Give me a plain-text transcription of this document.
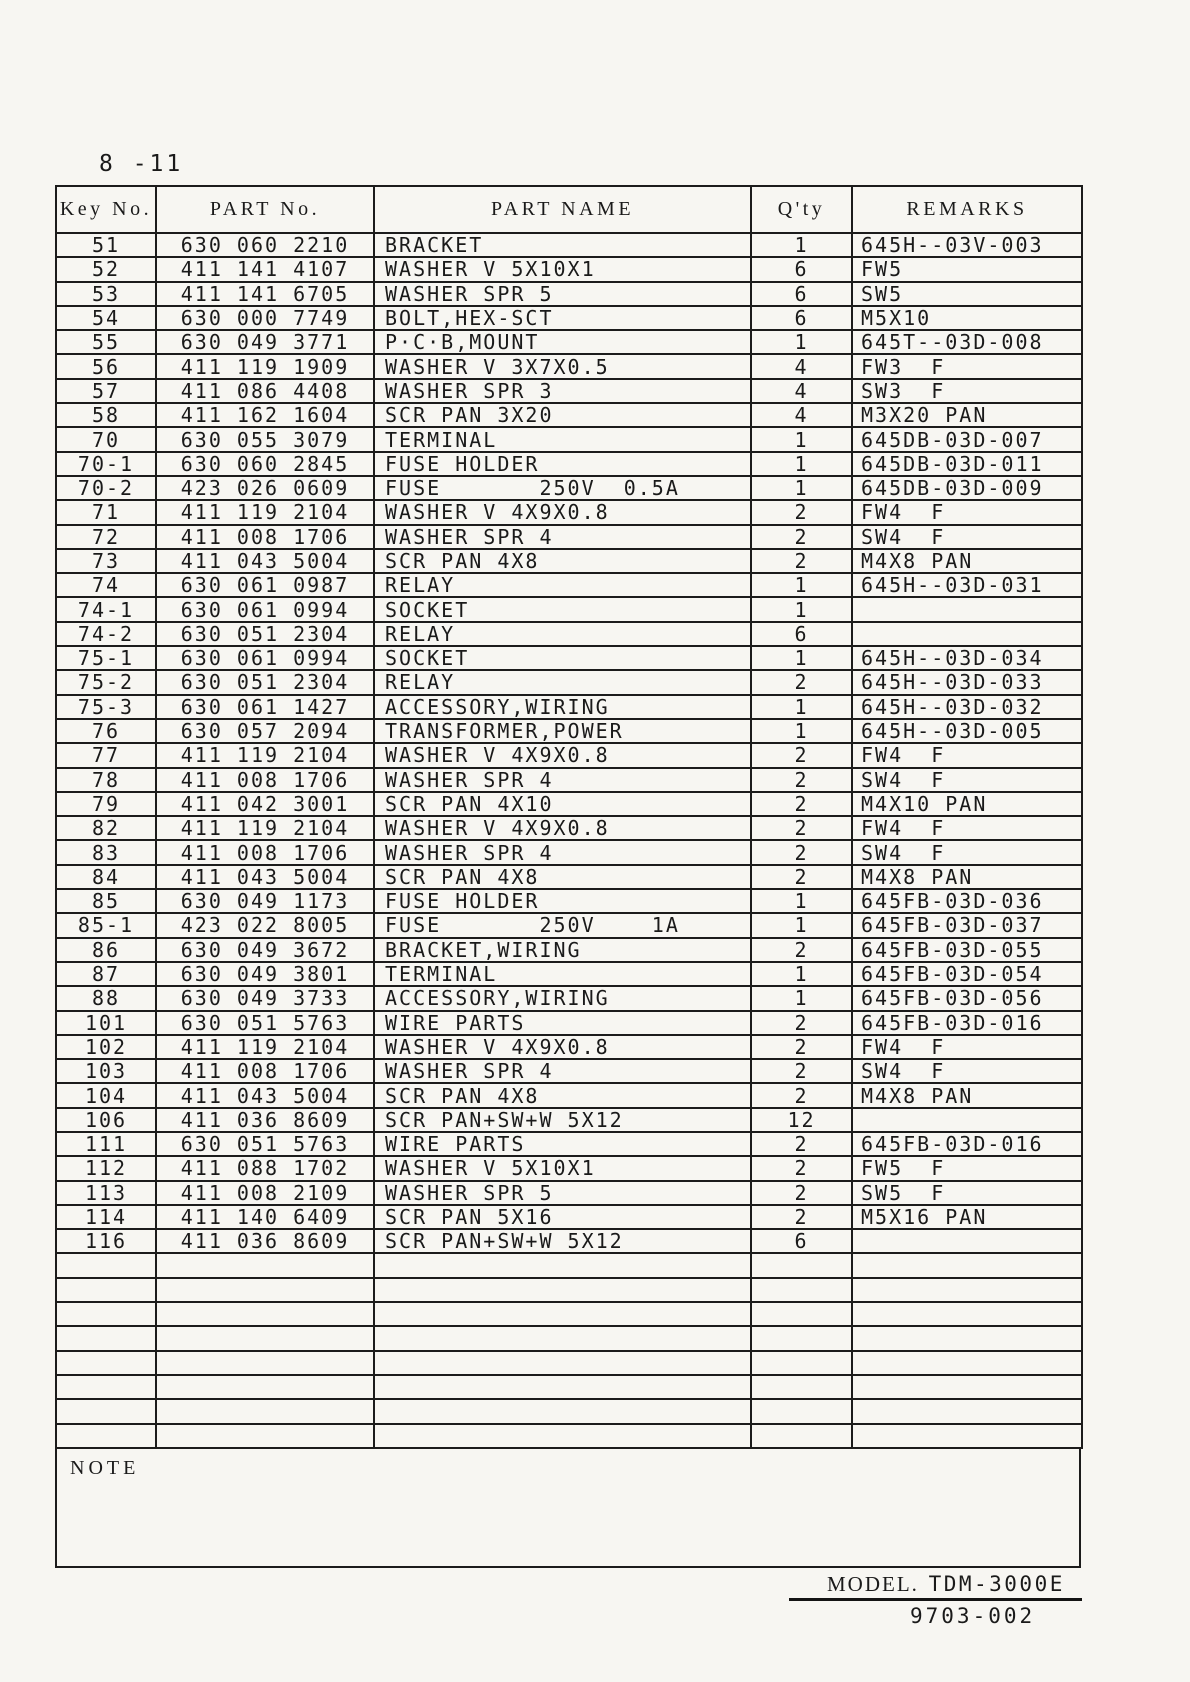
8 -11
Key No.	PART No.	PART NAME	Q'ty	REMARKS
51	630 060 2210	BRACKET	1	645H--03V-003
52	411 141 4107	WASHER V 5X10X1	6	FW5
53	411 141 6705	WASHER SPR 5	6	SW5
54	630 000 7749	BOLT,HEX-SCT	6	M5X10
55	630 049 3771	P·C·B,MOUNT	1	645T--03D-008
56	411 119 1909	WASHER V 3X7X0.5	4	FW3  F
57	411 086 4408	WASHER SPR 3	4	SW3  F
58	411 162 1604	SCR PAN 3X20	4	M3X20 PAN
70	630 055 3079	TERMINAL	1	645DB-03D-007
70-1	630 060 2845	FUSE HOLDER	1	645DB-03D-011
70-2	423 026 0609	FUSE       250V  0.5A	1	645DB-03D-009
71	411 119 2104	WASHER V 4X9X0.8	2	FW4  F
72	411 008 1706	WASHER SPR 4	2	SW4  F
73	411 043 5004	SCR PAN 4X8	2	M4X8 PAN
74	630 061 0987	RELAY	1	645H--03D-031
74-1	630 061 0994	SOCKET	1	
74-2	630 051 2304	RELAY	6	
75-1	630 061 0994	SOCKET	1	645H--03D-034
75-2	630 051 2304	RELAY	2	645H--03D-033
75-3	630 061 1427	ACCESSORY,WIRING	1	645H--03D-032
76	630 057 2094	TRANSFORMER,POWER	1	645H--03D-005
77	411 119 2104	WASHER V 4X9X0.8	2	FW4  F
78	411 008 1706	WASHER SPR 4	2	SW4  F
79	411 042 3001	SCR PAN 4X10	2	M4X10 PAN
82	411 119 2104	WASHER V 4X9X0.8	2	FW4  F
83	411 008 1706	WASHER SPR 4	2	SW4  F
84	411 043 5004	SCR PAN 4X8	2	M4X8 PAN
85	630 049 1173	FUSE HOLDER	1	645FB-03D-036
85-1	423 022 8005	FUSE       250V    1A	1	645FB-03D-037
86	630 049 3672	BRACKET,WIRING	2	645FB-03D-055
87	630 049 3801	TERMINAL	1	645FB-03D-054
88	630 049 3733	ACCESSORY,WIRING	1	645FB-03D-056
101	630 051 5763	WIRE PARTS	2	645FB-03D-016
102	411 119 2104	WASHER V 4X9X0.8	2	FW4  F
103	411 008 1706	WASHER SPR 4	2	SW4  F
104	411 043 5004	SCR PAN 4X8	2	M4X8 PAN
106	411 036 8609	SCR PAN+SW+W 5X12	12	
111	630 051 5763	WIRE PARTS	2	645FB-03D-016
112	411 088 1702	WASHER V 5X10X1	2	FW5  F
113	411 008 2109	WASHER SPR 5	2	SW5  F
114	411 140 6409	SCR PAN 5X16	2	M5X16 PAN
116	411 036 8609	SCR PAN+SW+W 5X12	6	

NOTE
MODEL. TDM-3000E
9703-002
